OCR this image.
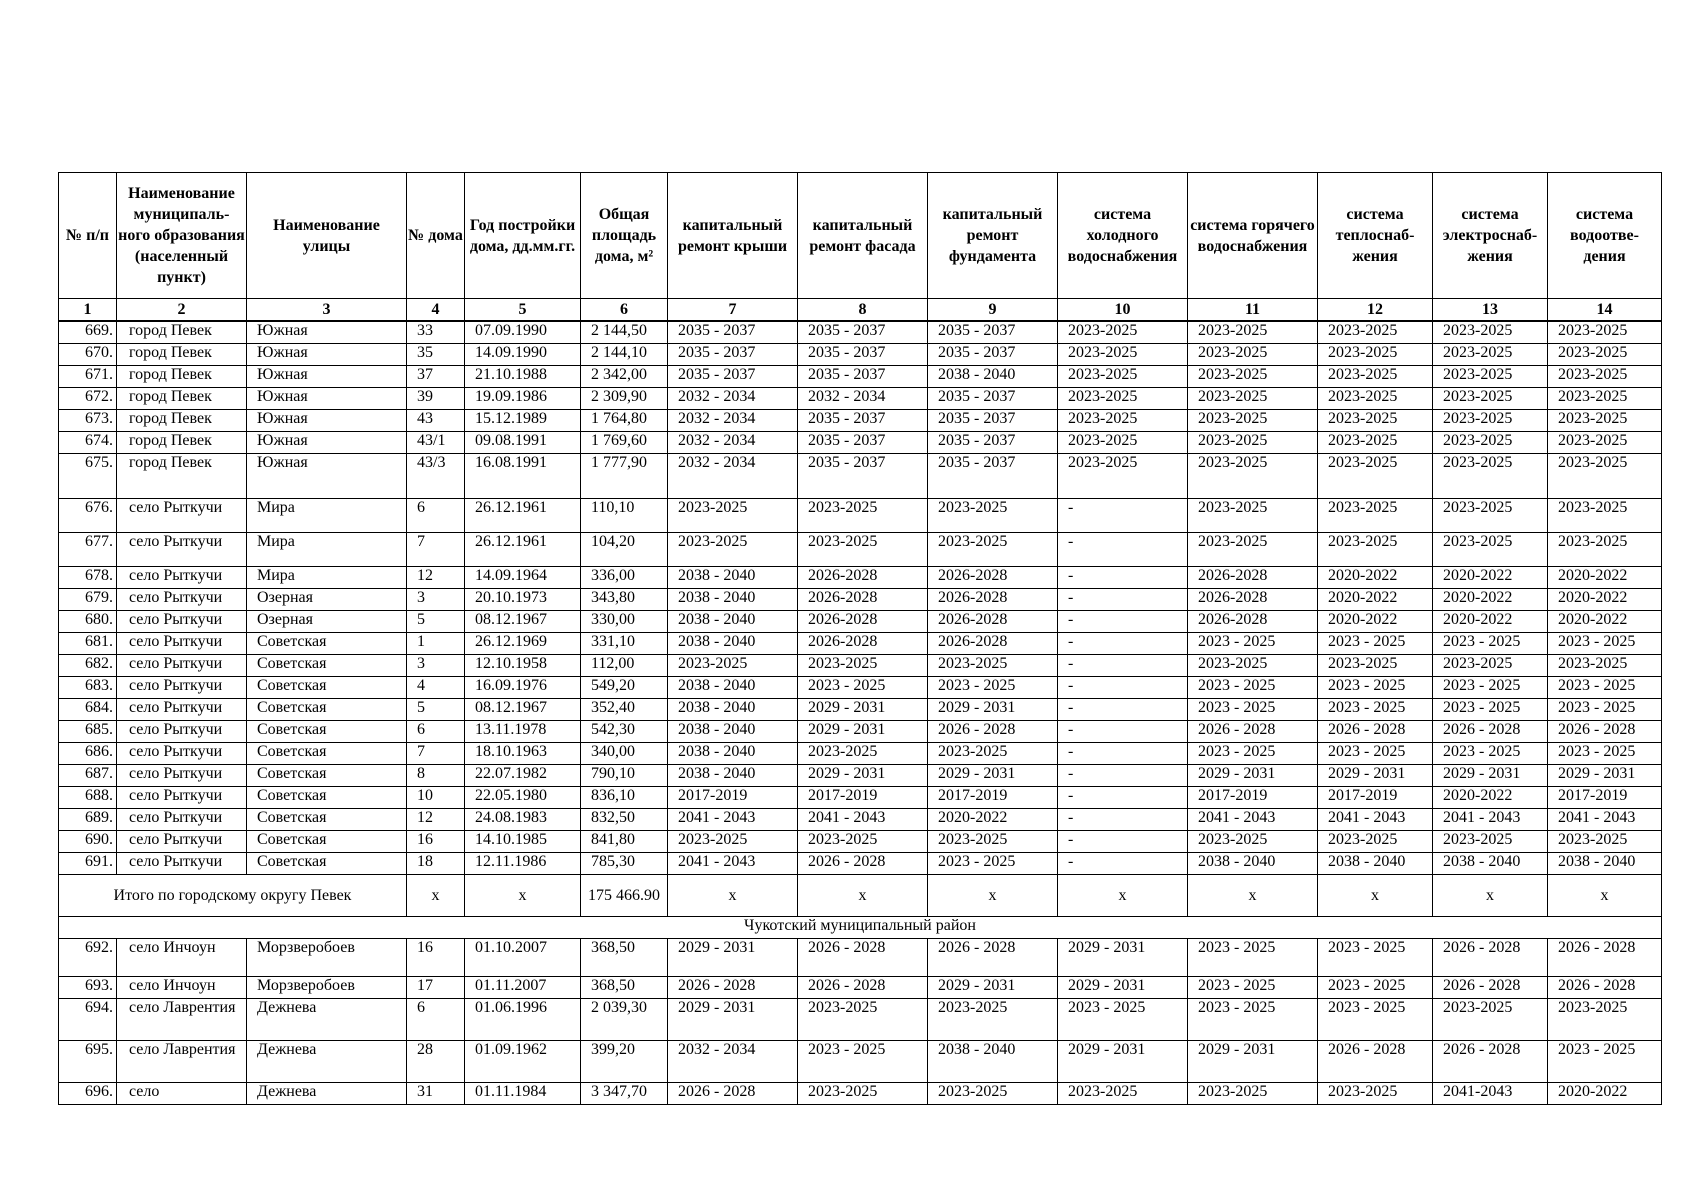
№ п/п	Наименование муниципаль-ного образования (населенный пункт)	Наименование улицы	№ дома	Год постройки дома, дд.мм.гг.	Общая площадь дома, м²	капитальный ремонт крыши	капитальный ремонт фасада	капитальный ремонт фундамента	система холодного водоснабжения	система горячего водоснабжения	система теплоснаб-жения	система электроснаб-жения	система водоотве-дения
1	2	3	4	5	6	7	8	9	10	11	12	13	14
669.	город Певек	Южная	33	07.09.1990	2 144,50	2035 - 2037	2035 - 2037	2035 - 2037	2023-2025	2023-2025	2023-2025	2023-2025	2023-2025
670.	город Певек	Южная	35	14.09.1990	2 144,10	2035 - 2037	2035 - 2037	2035 - 2037	2023-2025	2023-2025	2023-2025	2023-2025	2023-2025
671.	город Певек	Южная	37	21.10.1988	2 342,00	2035 - 2037	2035 - 2037	2038 - 2040	2023-2025	2023-2025	2023-2025	2023-2025	2023-2025
672.	город Певек	Южная	39	19.09.1986	2 309,90	2032 - 2034	2032 - 2034	2035 - 2037	2023-2025	2023-2025	2023-2025	2023-2025	2023-2025
673.	город Певек	Южная	43	15.12.1989	1 764,80	2032 - 2034	2035 - 2037	2035 - 2037	2023-2025	2023-2025	2023-2025	2023-2025	2023-2025
674.	город Певек	Южная	43/1	09.08.1991	1 769,60	2032 - 2034	2035 - 2037	2035 - 2037	2023-2025	2023-2025	2023-2025	2023-2025	2023-2025
675.	город Певек	Южная	43/3	16.08.1991	1 777,90	2032 - 2034	2035 - 2037	2035 - 2037	2023-2025	2023-2025	2023-2025	2023-2025	2023-2025
676.	село Рыткучи	Мира	6	26.12.1961	110,10	2023-2025	2023-2025	2023-2025	-	2023-2025	2023-2025	2023-2025	2023-2025
677.	село Рыткучи	Мира	7	26.12.1961	104,20	2023-2025	2023-2025	2023-2025	-	2023-2025	2023-2025	2023-2025	2023-2025
678.	село Рыткучи	Мира	12	14.09.1964	336,00	2038 - 2040	2026-2028	2026-2028	-	2026-2028	2020-2022	2020-2022	2020-2022
679.	село Рыткучи	Озерная	3	20.10.1973	343,80	2038 - 2040	2026-2028	2026-2028	-	2026-2028	2020-2022	2020-2022	2020-2022
680.	село Рыткучи	Озерная	5	08.12.1967	330,00	2038 - 2040	2026-2028	2026-2028	-	2026-2028	2020-2022	2020-2022	2020-2022
681.	село Рыткучи	Советская	1	26.12.1969	331,10	2038 - 2040	2026-2028	2026-2028	-	2023 - 2025	2023 - 2025	2023 - 2025	2023 - 2025
682.	село Рыткучи	Советская	3	12.10.1958	112,00	2023-2025	2023-2025	2023-2025	-	2023-2025	2023-2025	2023-2025	2023-2025
683.	село Рыткучи	Советская	4	16.09.1976	549,20	2038 - 2040	2023 - 2025	2023 - 2025	-	2023 - 2025	2023 - 2025	2023 - 2025	2023 - 2025
684.	село Рыткучи	Советская	5	08.12.1967	352,40	2038 - 2040	2029 - 2031	2029 - 2031	-	2023 - 2025	2023 - 2025	2023 - 2025	2023 - 2025
685.	село Рыткучи	Советская	6	13.11.1978	542,30	2038 - 2040	2029 - 2031	2026 - 2028	-	2026 - 2028	2026 - 2028	2026 - 2028	2026 - 2028
686.	село Рыткучи	Советская	7	18.10.1963	340,00	2038 - 2040	2023-2025	2023-2025	-	2023 - 2025	2023 - 2025	2023 - 2025	2023 - 2025
687.	село Рыткучи	Советская	8	22.07.1982	790,10	2038 - 2040	2029 - 2031	2029 - 2031	-	2029 - 2031	2029 - 2031	2029 - 2031	2029 - 2031
688.	село Рыткучи	Советская	10	22.05.1980	836,10	2017-2019	2017-2019	2017-2019	-	2017-2019	2017-2019	2020-2022	2017-2019
689.	село Рыткучи	Советская	12	24.08.1983	832,50	2041 - 2043	2041 - 2043	2020-2022	-	2041 - 2043	2041 - 2043	2041 - 2043	2041 - 2043
690.	село Рыткучи	Советская	16	14.10.1985	841,80	2023-2025	2023-2025	2023-2025	-	2023-2025	2023-2025	2023-2025	2023-2025
691.	село Рыткучи	Советская	18	12.11.1986	785,30	2041 - 2043	2026 - 2028	2023 - 2025	-	2038 - 2040	2038 - 2040	2038 - 2040	2038 - 2040
Итого по городскому округу Певек			x	x	175 466.90	x	x	x	x	x	x	x	x
Чукотский муниципальный район													
692.	село Инчоун	Морзверобоев	16	01.10.2007	368,50	2029 - 2031	2026 - 2028	2026 - 2028	2029 - 2031	2023 - 2025	2023 - 2025	2026 - 2028	2026 - 2028
693.	село Инчоун	Морзверобоев	17	01.11.2007	368,50	2026 - 2028	2026 - 2028	2029 - 2031	2029 - 2031	2023 - 2025	2023 - 2025	2026 - 2028	2026 - 2028
694.	село Лаврентия	Дежнева	6	01.06.1996	2 039,30	2029 - 2031	2023-2025	2023-2025	2023 - 2025	2023 - 2025	2023 - 2025	2023-2025	2023-2025
695.	село Лаврентия	Дежнева	28	01.09.1962	399,20	2032 - 2034	2023 - 2025	2038 - 2040	2029 - 2031	2029 - 2031	2026 - 2028	2026 - 2028	2023 - 2025
696.	село	Дежнева	31	01.11.1984	3 347,70	2026 - 2028	2023-2025	2023-2025	2023-2025	2023-2025	2023-2025	2041-2043	2020-2022
